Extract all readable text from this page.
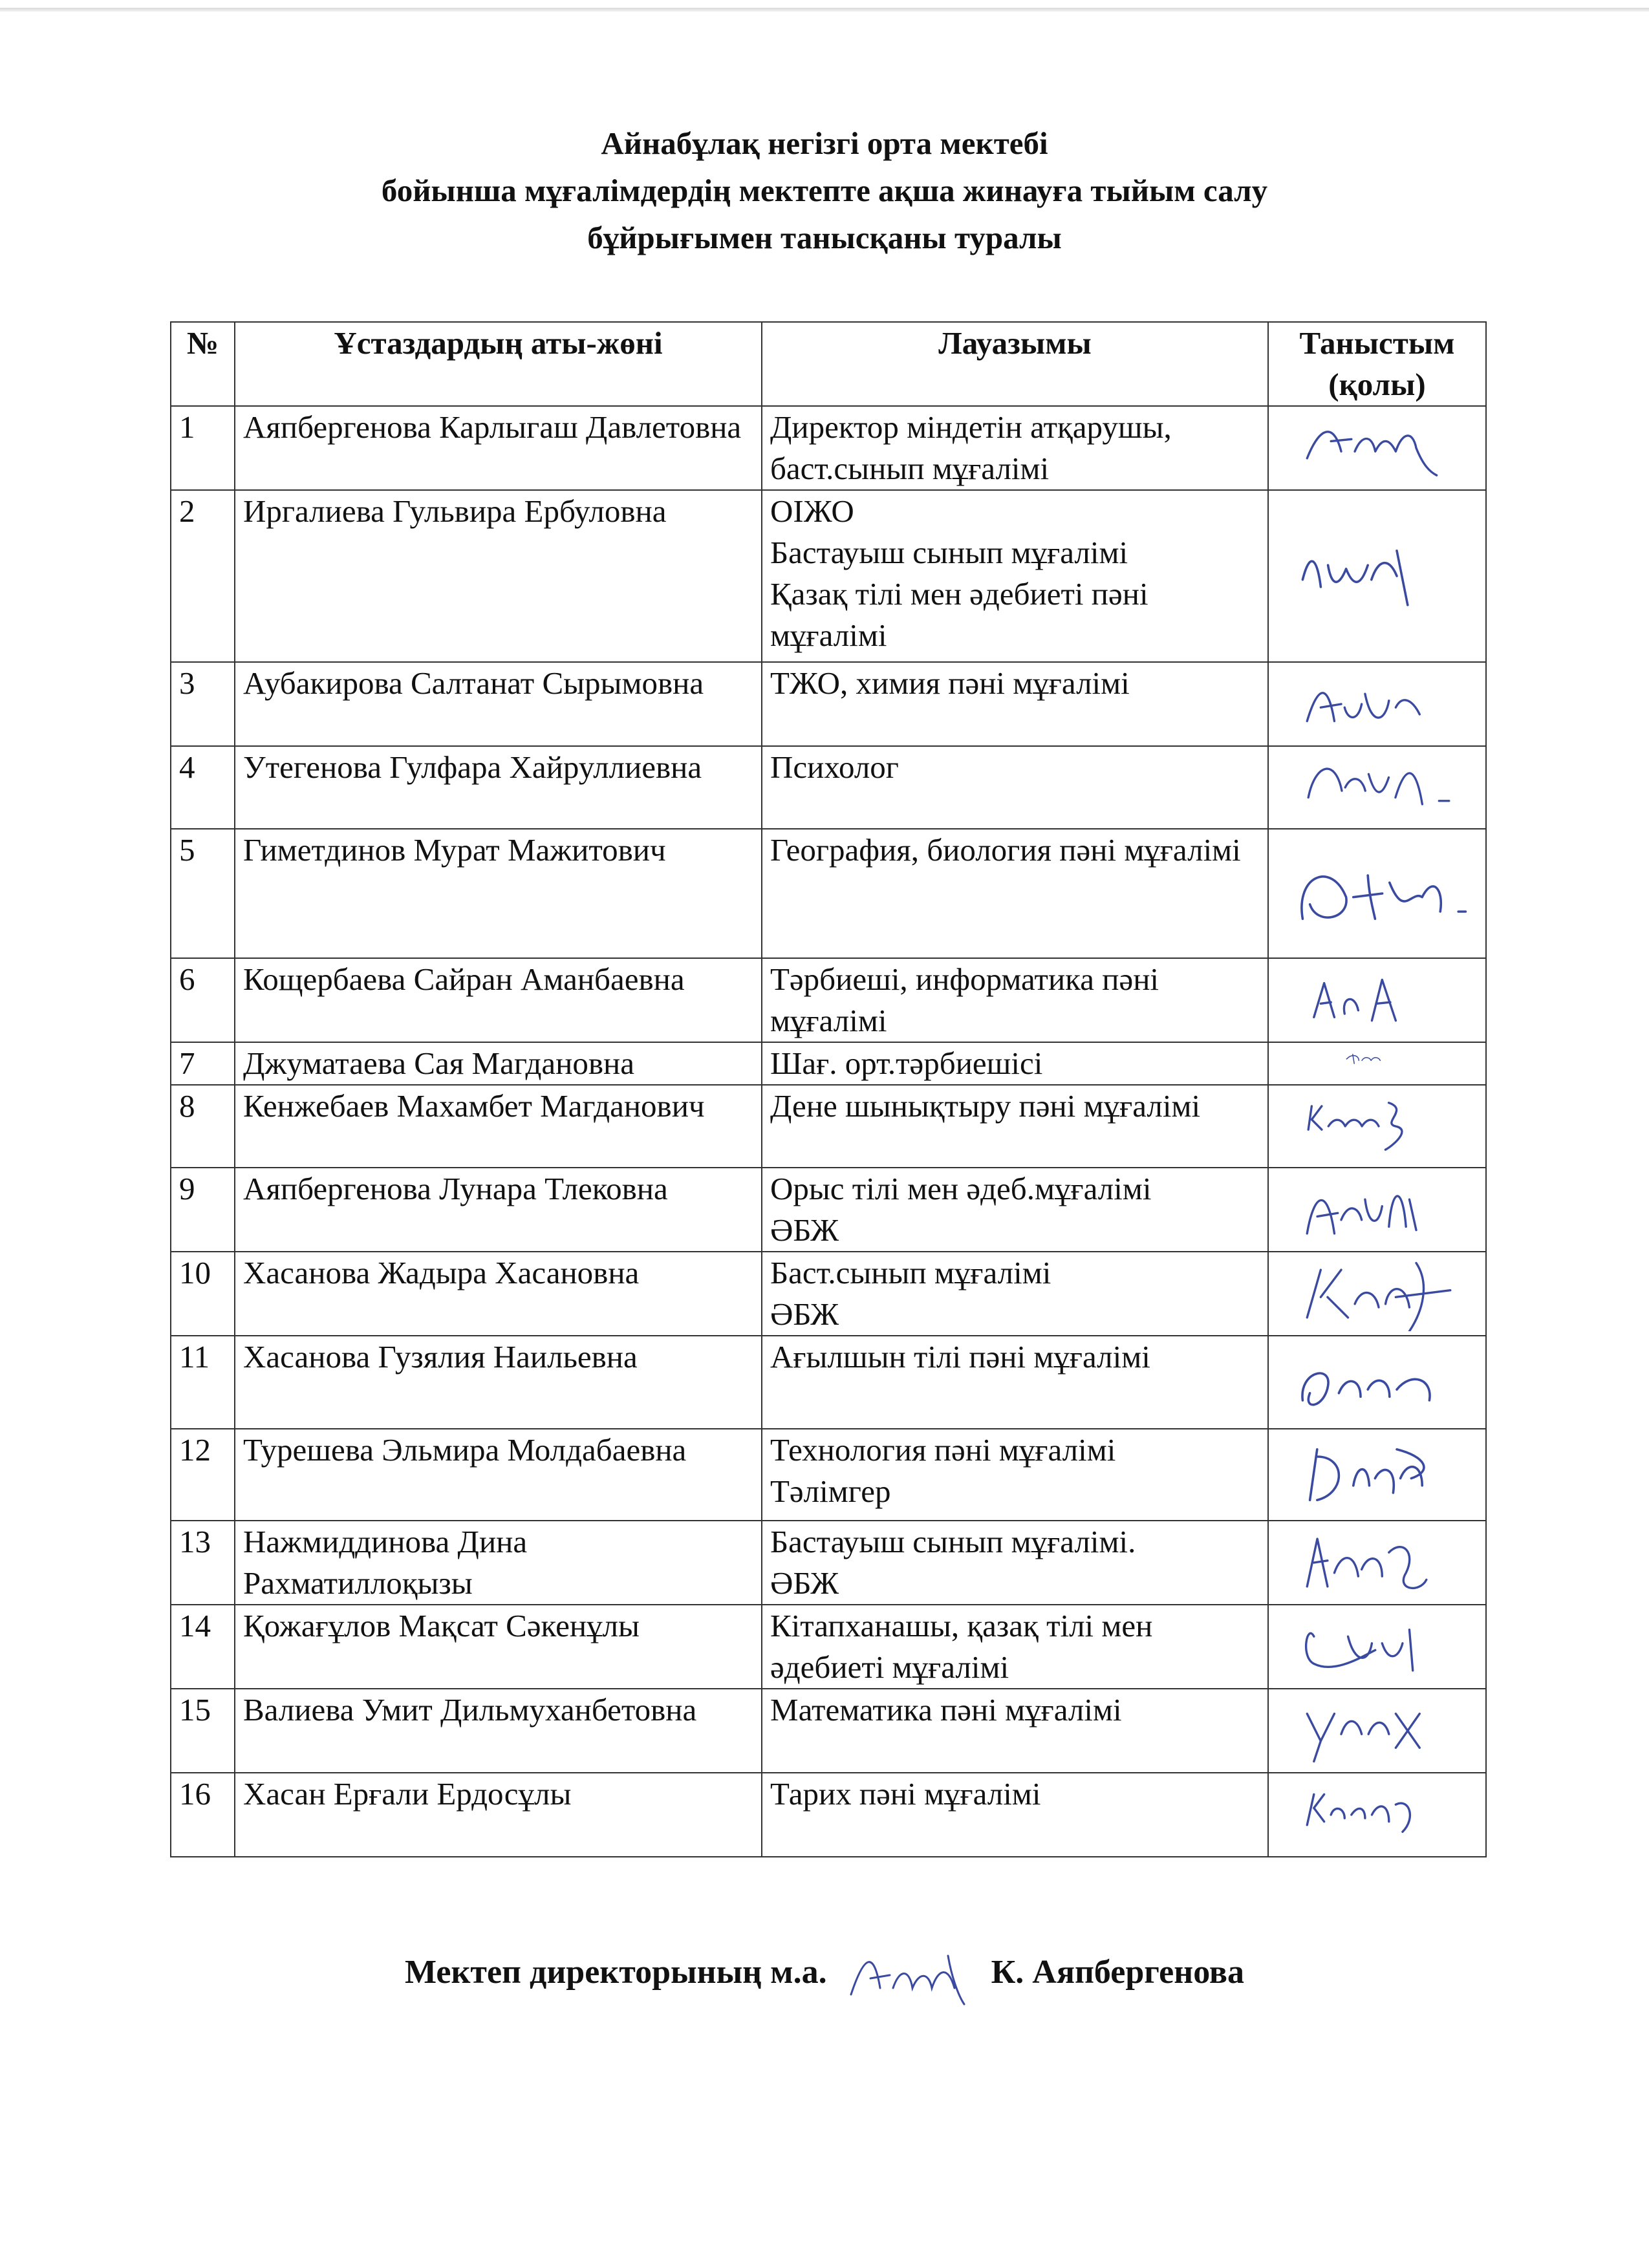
Айнабұлақ негізгі орта мектебі
бойынша мұғалімдердің мектепте ақша жинауға тыйым салу
бұйрығымен танысқаны туралы
№	Ұстаздардың аты-жөні	Лауазымы	Таныстым (қолы)
1	Аяпбергенова Карлыгаш Давлетовна	Директор міндетін атқарушы,
баст.сынып мұғалімі

2	Иргалиева Гульвира Ербуловна	ОІЖО
Бастауыш сынып мұғалімі
Қазақ тілі мен әдебиеті пәні мұғалімі

3	Аубакирова Салтанат Сырымовна	ТЖО, химия пәні мұғалімі

4	Утегенова Гулфара Хайруллиевна	Психолог

5	Гиметдинов Мурат Мажитович	География, биология пәні мұғалімі

6	Кощербаева Сайран Аманбаевна	Тәрбиеші, информатика пәні мұғалімі

7	Джуматаева Сая Магдановна	Шағ. орт.тәрбиешісі

8	Кенжебаев Махамбет Магданович	Дене шынықтыру пәні мұғалімі

9	Аяпбергенова Лунара Тлековна	Орыс тілі мен әдеб.мұғалімі
ӘБЖ

10	Хасанова Жадыра Хасановна	Баст.сынып мұғалімі
ӘБЖ

11	Хасанова Гузялия Наильевна	Ағылшын тілі пәні мұғалімі

12	Турешева Эльмира Молдабаевна	Технология пәні мұғалімі
Тәлімгер

13	Нажмиддинова Дина Рахматиллоқызы	Бастауыш сынып мұғалімі.
ӘБЖ

14	Қожағұлов Мақсат Сәкенұлы	Кітапханашы, қазақ тілі мен әдебиеті мұғалімі

15	Валиева Умит Дильмуханбетовна	Математика пәні мұғалімі

16	Хасан Ерғали Ердосұлы	Тарих пәні мұғалімі

Мектеп директорының м.а.	К. Аяпбергенова
